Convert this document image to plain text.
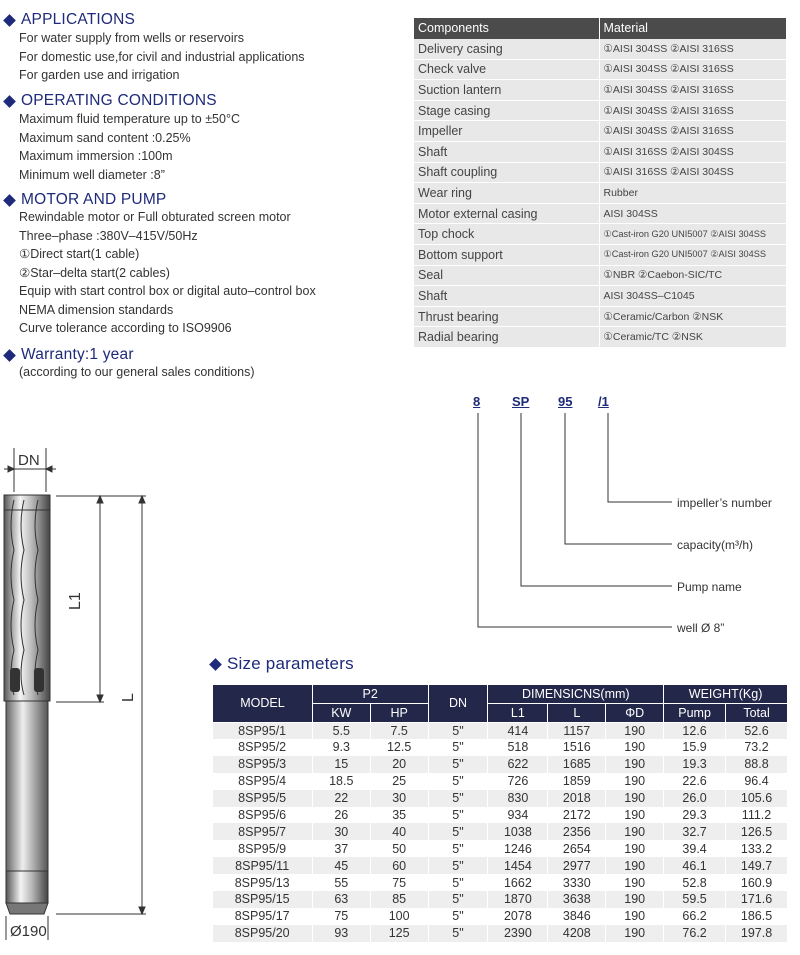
APPLICATIONS
For water supply from wells or reservoirs
For domestic use,for civil and industrial applications
For garden use and irrigation
OPERATING CONDITIONS
Maximum fluid temperature up to ±50°C
Maximum sand content :0.25%
Maximum immersion :100m
Minimum well diameter :8”
MOTOR AND PUMP
Rewindable motor or Full obturated screen motor
Three–phase :380V–415V/50Hz
①Direct start(1 cable)
②Star–delta start(2 cables)
Equip with start control box or digital auto–control box
NEMA dimension standards
Curve tolerance according to ISO9906
Warranty:1 year
(according to our general sales conditions)
Components	Material
Delivery casing	①AISI 304SS ②AISI 316SS
Check valve	①AISI 304SS ②AISI 316SS
Suction lantern	①AISI 304SS ②AISI 316SS
Stage casing	①AISI 304SS ②AISI 316SS
Impeller	①AISI 304SS ②AISI 316SS
Shaft	①AISI 316SS ②AISI 304SS
Shaft coupling	①AISI 316SS ②AISI 304SS
Wear ring	Rubber
Motor external casing	AISI 304SS
Top chock	①Cast-iron G20 UNI5007 ②AISI 304SS
Bottom support	①Cast-iron G20 UNI5007 ②AISI 304SS
Seal	①NBR ②Caebon-SIC/TC
Shaft	AISI 304SS–C1045
Thrust bearing	①Ceramic/Carbon ②NSK
Radial bearing	①Ceramic/TC ②NSK
8 SP 95 /1
impeller’s number
capacity(m³/h)
Pump name
well Ø 8”
DN
L1
L
Ø190
Size parameters
MODEL	P2		DN	DIMENSICNS(mm)			WEIGHT(Kg)	
	KW	HP		L1	L	ΦD	Pump	Total
8SP95/1	5.5	7.5	5"	414	1157	190	12.6	52.6
8SP95/2	9.3	12.5	5"	518	1516	190	15.9	73.2
8SP95/3	15	20	5"	622	1685	190	19.3	88.8
8SP95/4	18.5	25	5"	726	1859	190	22.6	96.4
8SP95/5	22	30	5"	830	2018	190	26.0	105.6
8SP95/6	26	35	5"	934	2172	190	29.3	111.2
8SP95/7	30	40	5"	1038	2356	190	32.7	126.5
8SP95/9	37	50	5"	1246	2654	190	39.4	133.2
8SP95/11	45	60	5"	1454	2977	190	46.1	149.7
8SP95/13	55	75	5"	1662	3330	190	52.8	160.9
8SP95/15	63	85	5"	1870	3638	190	59.5	171.6
8SP95/17	75	100	5"	2078	3846	190	66.2	186.5
8SP95/20	93	125	5"	2390	4208	190	76.2	197.8
